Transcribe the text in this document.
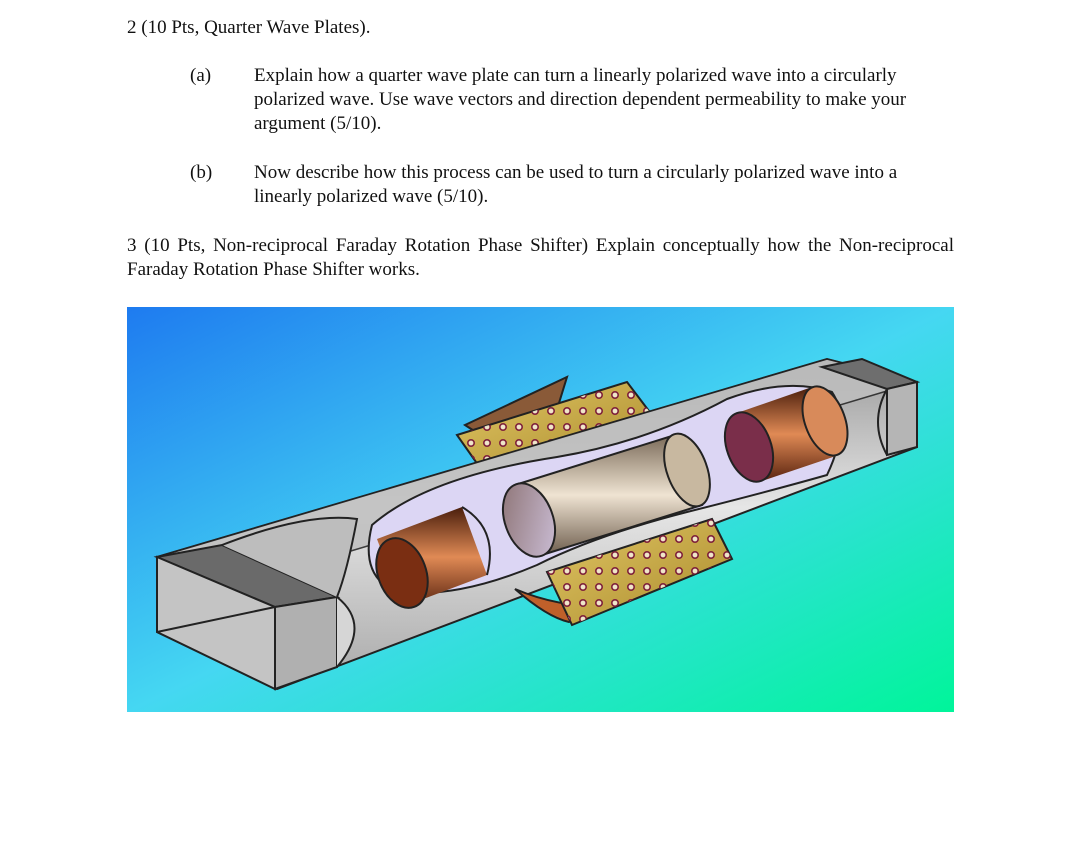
2 (10 Pts, Quarter Wave Plates).
(a) Explain how a quarter wave plate can turn a linearly polarized wave into a circularly polarized wave. Use wave vectors and direction dependent permeability to make your argument (5/10).

(b) Now describe how this process can be used to turn a circularly polarized wave into a linearly polarized wave (5/10).

3 (10 Pts, Non-reciprocal Faraday Rotation Phase Shifter) Explain conceptually how the Non-reciprocal Faraday Rotation Phase Shifter works.
